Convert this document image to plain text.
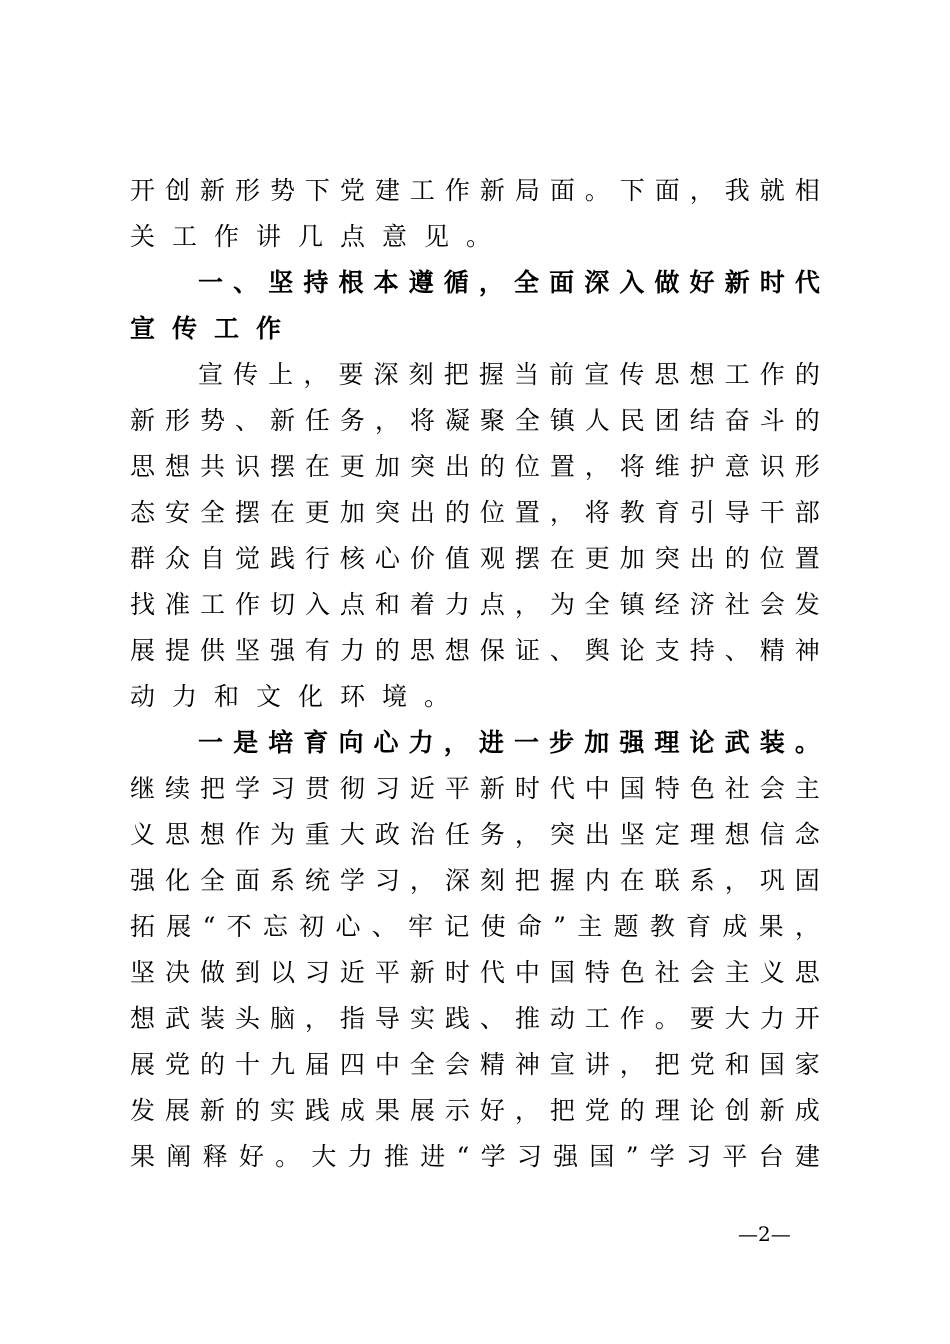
开 创 新 形 势 下 党 建 工 作 新 局 面 。 下 面 ， 我 就 相
关工作讲几点意见。
一 、 坚 持 根 本 遵 循 ， 全 面 深 入 做 好 新 时 代
宣传工作
宣 传 上 ， 要 深 刻 把 握 当 前 宣 传 思 想 工 作 的
新 形 势 、 新 任 务 ， 将 凝 聚 全 镇 人 民 团 结 奋 斗 的
思 想 共 识 摆 在 更 加 突 出 的 位 置 ， 将 维 护 意 识 形
态 安 全 摆 在 更 加 突 出 的 位 置 ， 将 教 育 引 导 干 部
群 众 自 觉 践 行 核 心 价 值 观 摆 在 更 加 突 出 的 位 置
找 准 工 作 切 入 点 和 着 力 点 ， 为 全 镇 经 济 社 会 发
展 提 供 坚 强 有 力 的 思 想 保 证 、 舆 论 支 持 、 精 神
动力和文化环境。
一 是 培 育 向 心 力 ， 进 一 步 加 强 理 论 武 装 。
继 续 把 学 习 贯 彻 习 近 平 新 时 代 中 国 特 色 社 会 主
义 思 想 作 为 重 大 政 治 任 务 ， 突 出 坚 定 理 想 信 念
强 化 全 面 系 统 学 习 ， 深 刻 把 握 内 在 联 系 ， 巩 固
拓 展 “ 不 忘 初 心 、 牢 记 使 命 ” 主 题 教 育 成 果 ，
坚 决 做 到 以 习 近 平 新 时 代 中 国 特 色 社 会 主 义 思
想 武 装 头 脑 ， 指 导 实 践 、 推 动 工 作 。 要 大 力 开
展 党 的 十 九 届 四 中 全 会 精 神 宣 讲 ， 把 党 和 国 家
发 展 新 的 实 践 成 果 展 示 好 ， 把 党 的 理 论 创 新 成
果 阐 释 好 。 大 力 推 进 “ 学 习 强 国 ” 学 习 平 台 建
—2—
